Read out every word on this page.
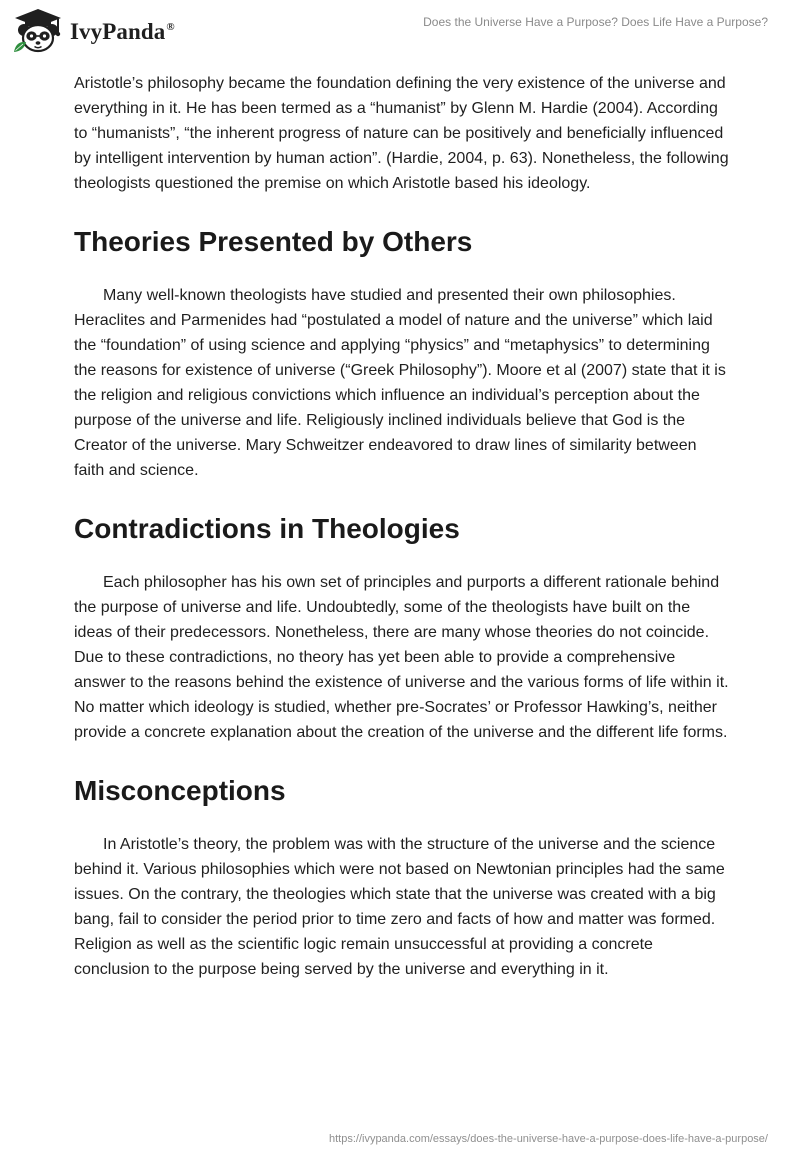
IvyPanda®	Does the Universe Have a Purpose? Does Life Have a Purpose?

Aristotle’s philosophy became the foundation defining the very existence of the universe and everything in it. He has been termed as a “humanist” by Glenn M. Hardie (2004). According to “humanists”, “the inherent progress of nature can be positively and beneficially influenced by intelligent intervention by human action”. (Hardie, 2004, p. 63). Nonetheless, the following theologists questioned the premise on which Aristotle based his ideology.

Theories Presented by Others

Many well-known theologists have studied and presented their own philosophies. Heraclites and Parmenides had “postulated a model of nature and the universe” which laid the “foundation” of using science and applying “physics” and “metaphysics” to determining the reasons for existence of universe (“Greek Philosophy”). Moore et al (2007) state that it is the religion and religious convictions which influence an individual’s perception about the purpose of the universe and life. Religiously inclined individuals believe that God is the Creator of the universe. Mary Schweitzer endeavored to draw lines of similarity between faith and science.

Contradictions in Theologies

Each philosopher has his own set of principles and purports a different rationale behind the purpose of universe and life. Undoubtedly, some of the theologists have built on the ideas of their predecessors. Nonetheless, there are many whose theories do not coincide. Due to these contradictions, no theory has yet been able to provide a comprehensive answer to the reasons behind the existence of universe and the various forms of life within it. No matter which ideology is studied, whether pre-Socrates’ or Professor Hawking’s, neither provide a concrete explanation about the creation of the universe and the different life forms.

Misconceptions

In Aristotle’s theory, the problem was with the structure of the universe and the science behind it. Various philosophies which were not based on Newtonian principles had the same issues. On the contrary, the theologies which state that the universe was created with a big bang, fail to consider the period prior to time zero and facts of how and matter was formed. Religion as well as the scientific logic remain unsuccessful at providing a concrete conclusion to the purpose being served by the universe and everything in it.

https://ivypanda.com/essays/does-the-universe-have-a-purpose-does-life-have-a-purpose/
